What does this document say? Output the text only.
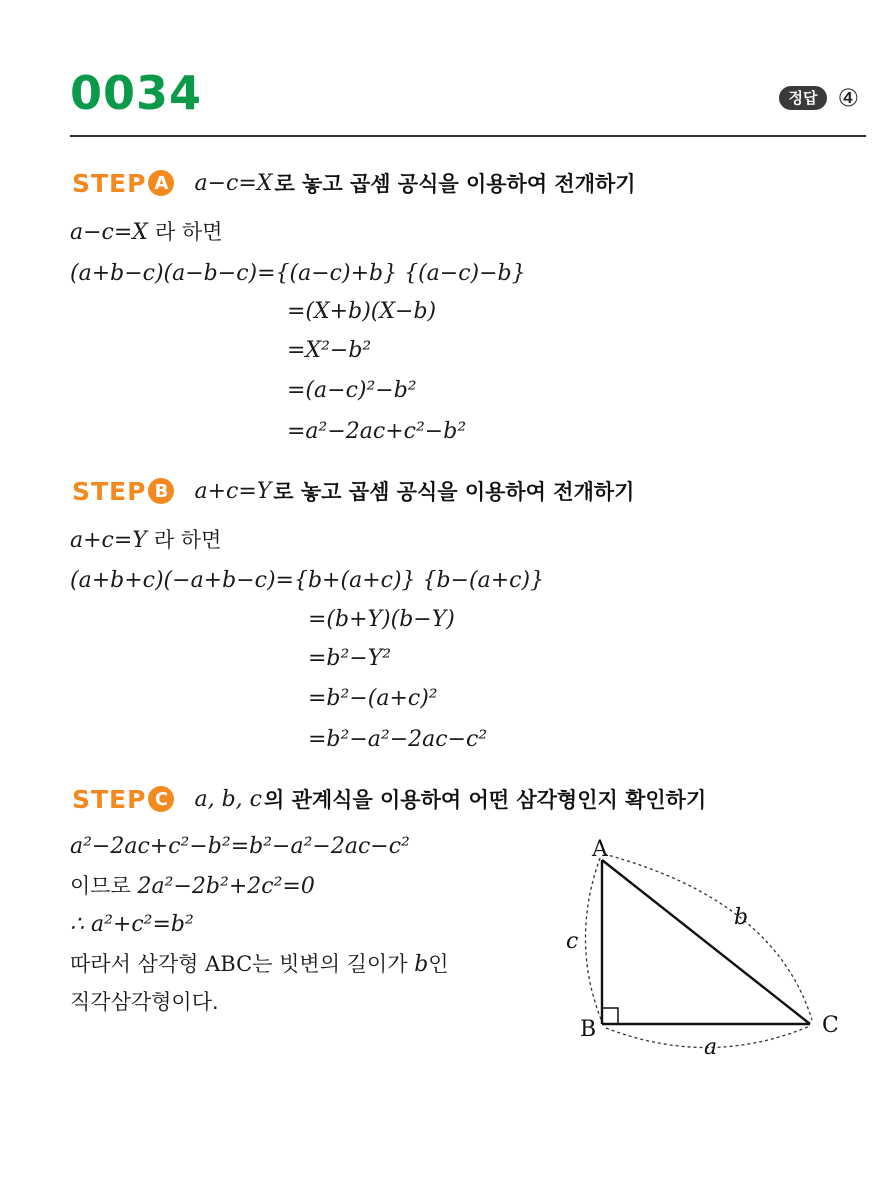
0034	정답 ④
STEP A a−c=X 로 놓고 곱셈 공식을 이용하여 전개하기
a−c=X 라 하면
(a+b−c)(a−b−c)={(a−c)+b} {(a−c)−b}
=(X+b)(X−b)
=X²−b²
=(a−c)²−b²
=a²−2ac+c²−b²
STEP B a+c=Y 로 놓고 곱셈 공식을 이용하여 전개하기
a+c=Y 라 하면
(a+b+c)(−a+b−c)={b+(a+c)} {b−(a+c)}
=(b+Y)(b−Y)
=b²−Y²
=b²−(a+c)²
=b²−a²−2ac−c²
STEP C a, b, c 의 관계식을 이용하여 어떤 삼각형인지 확인하기
a²−2ac+c²−b²=b²−a²−2ac−c²
이므로 2a²−2b²+2c²=0
∴ a²+c²=b²
따라서 삼각형 ABC는 빗변의 길이가 b인
직각삼각형이다.
A
B	C
b
c
a
